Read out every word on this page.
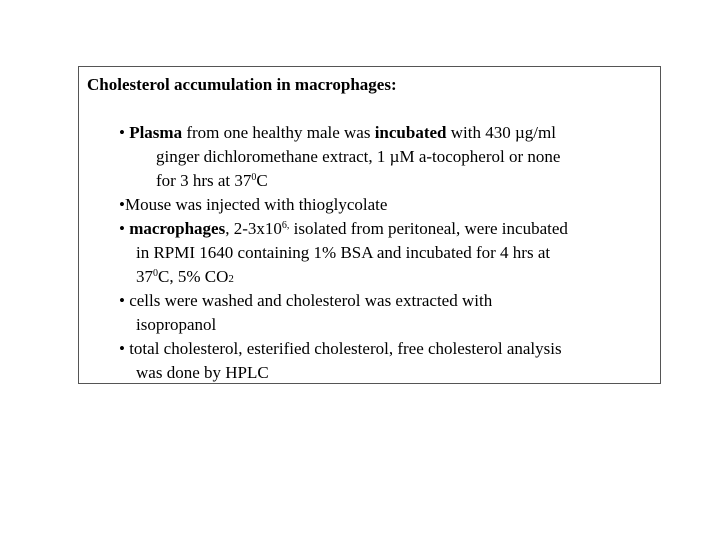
Cholesterol accumulation in macrophages:
• Plasma from one healthy male was incubated with 430 µg/ml
ginger dichloromethane extract, 1 µM a-tocopherol or none
for 3 hrs at $37^0C$
•Mouse was injected with thioglycolate
• macrophages, $2-3x10^{6,}$ isolated from peritoneal, were incubated
in RPMI 1640 containing 1% BSA and incubated for 4 hrs at
$37^0C$, 5% CO2
• cells were washed and cholesterol was extracted with
isopropanol
• total cholesterol, esterified cholesterol, free cholesterol analysis
was done by HPLC
